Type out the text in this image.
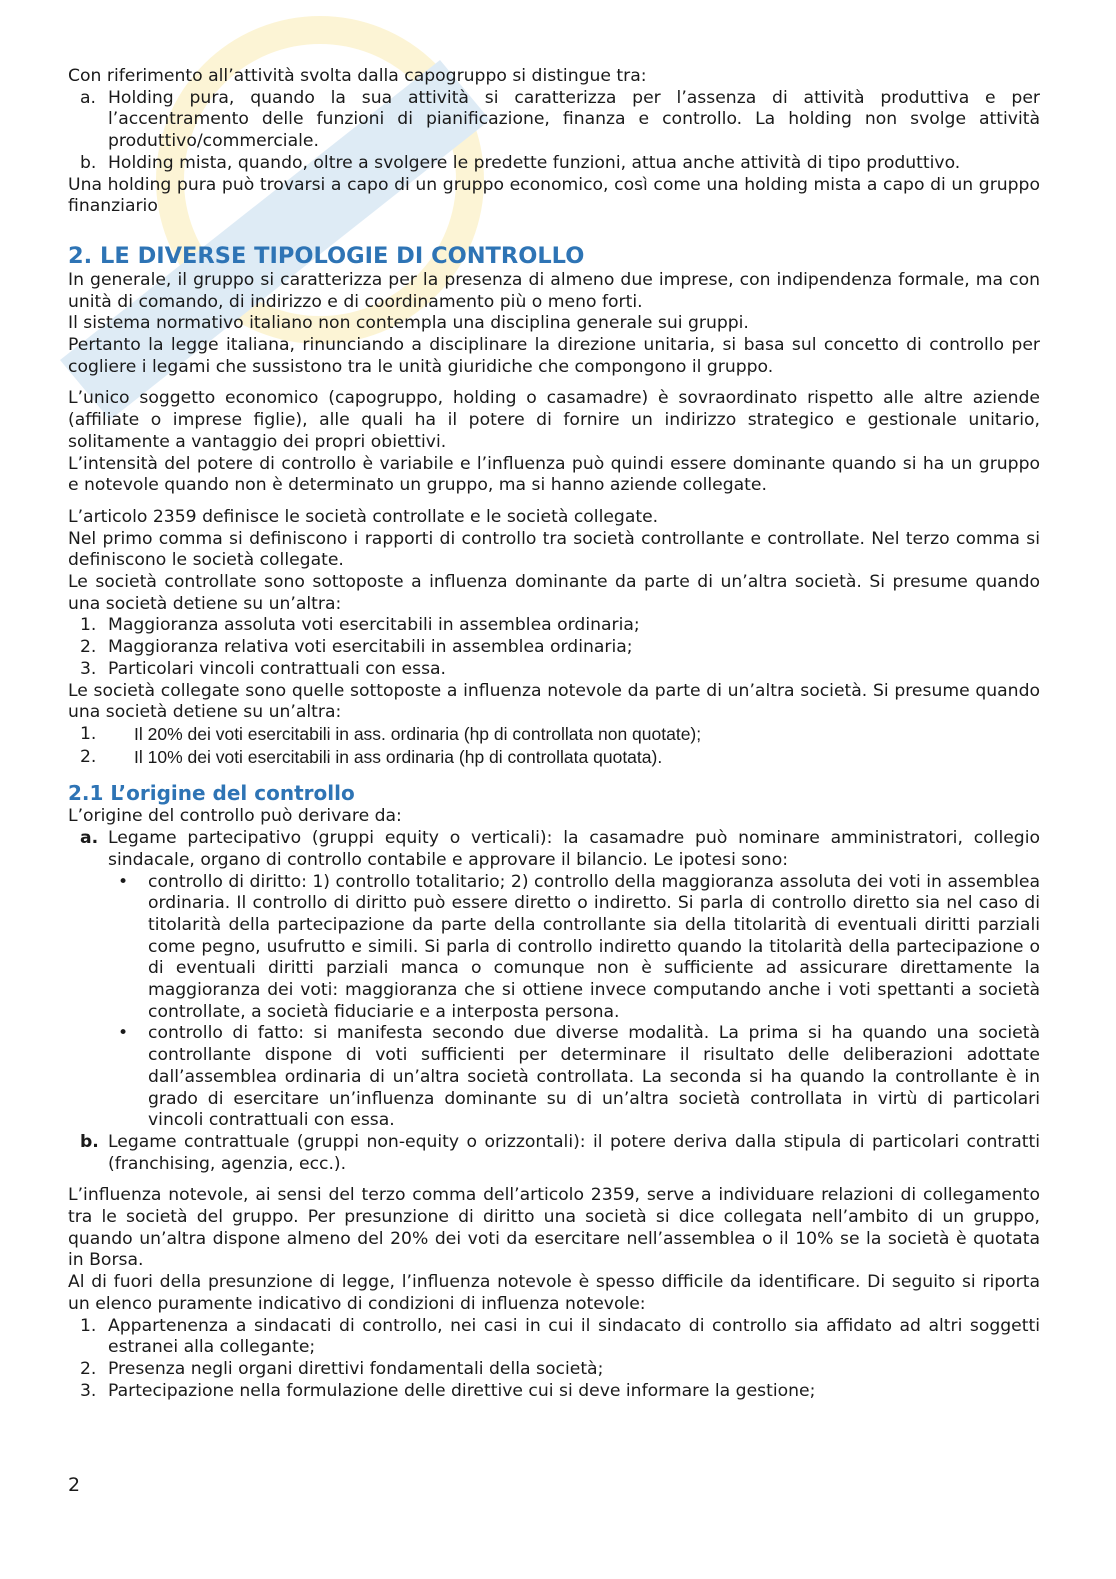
Con riferimento all’attività svolta dalla capogruppo si distingue tra:

a. Holding pura, quando la sua attività si caratterizza per l’assenza di attività produttiva e per l’accentramento delle funzioni di pianificazione, finanza e controllo. La holding non svolge attività produttivo/commerciale.
b. Holding mista, quando, oltre a svolgere le predette funzioni, attua anche attività di tipo produttivo.

Una holding pura può trovarsi a capo di un gruppo economico, così come una holding mista a capo di un gruppo finanziario

2. LE DIVERSE TIPOLOGIE DI CONTROLLO

In generale, il gruppo si caratterizza per la presenza di almeno due imprese, con indipendenza formale, ma con unità di comando, di indirizzo e di coordinamento più o meno forti.

Il sistema normativo italiano non contempla una disciplina generale sui gruppi.

Pertanto la legge italiana, rinunciando a disciplinare la direzione unitaria, si basa sul concetto di controllo per cogliere i legami che sussistono tra le unità giuridiche che compongono il gruppo.

L’unico soggetto economico (capogruppo, holding o casamadre) è sovraordinato rispetto alle altre aziende (affiliate o imprese figlie), alle quali ha il potere di fornire un indirizzo strategico e gestionale unitario, solitamente a vantaggio dei propri obiettivi.

L’intensità del potere di controllo è variabile e l’influenza può quindi essere dominante quando si ha un gruppo e notevole quando non è determinato un gruppo, ma si hanno aziende collegate.

L’articolo 2359 definisce le società controllate e le società collegate.

Nel primo comma si definiscono i rapporti di controllo tra società controllante e controllate. Nel terzo comma si definiscono le società collegate.

Le società controllate sono sottoposte a influenza dominante da parte di un’altra società. Si presume quando una società detiene su un’altra:

1. Maggioranza assoluta voti esercitabili in assemblea ordinaria;
2. Maggioranza relativa voti esercitabili in assemblea ordinaria;
3. Particolari vincoli contrattuali con essa.

Le società collegate sono quelle sottoposte a influenza notevole da parte di un’altra società. Si presume quando una società detiene su un’altra:

1. Il 20% dei voti esercitabili in ass. ordinaria (hp di controllata non quotate);
2. Il 10% dei voti esercitabili in ass ordinaria (hp di controllata quotata).
2.1 L’origine del controllo

L’origine del controllo può derivare da:

a. Legame partecipativo (gruppi equity o verticali): la casamadre può nominare amministratori, collegio sindacale, organo di controllo contabile e approvare il bilancio. Le ipotesi sono:
• controllo di diritto: 1) controllo totalitario; 2) controllo della maggioranza assoluta dei voti in assemblea ordinaria. Il controllo di diritto può essere diretto o indiretto. Si parla di controllo diretto sia nel caso di titolarità della partecipazione da parte della controllante sia della titolarità di eventuali diritti parziali come pegno, usufrutto e simili. Si parla di controllo indiretto quando la titolarità della partecipazione o di eventuali diritti parziali manca o comunque non è sufficiente ad assicurare direttamente la maggioranza dei voti: maggioranza che si ottiene invece computando anche i voti spettanti a società controllate, a società fiduciarie e a interposta persona.
• controllo di fatto: si manifesta secondo due diverse modalità. La prima si ha quando una società controllante dispone di voti sufficienti per determinare il risultato delle deliberazioni adottate dall’assemblea ordinaria di un’altra società controllata. La seconda si ha quando la controllante è in grado di esercitare un’influenza dominante su di un’altra società controllata in virtù di particolari vincoli contrattuali con essa.
b. Legame contrattuale (gruppi non-equity o orizzontali): il potere deriva dalla stipula di particolari contratti (franchising, agenzia, ecc.).

L’influenza notevole, ai sensi del terzo comma dell’articolo 2359, serve a individuare relazioni di collegamento tra le società del gruppo. Per presunzione di diritto una società si dice collegata nell’ambito di un gruppo, quando un’altra dispone almeno del 20% dei voti da esercitare nell’assemblea o il 10% se la società è quotata in Borsa.

Al di fuori della presunzione di legge, l’influenza notevole è spesso difficile da identificare. Di seguito si riporta un elenco puramente indicativo di condizioni di influenza notevole:

1. Appartenenza a sindacati di controllo, nei casi in cui il sindacato di controllo sia affidato ad altri soggetti estranei alla collegante;
2. Presenza negli organi direttivi fondamentali della società;
3. Partecipazione nella formulazione delle direttive cui si deve informare la gestione;
2
